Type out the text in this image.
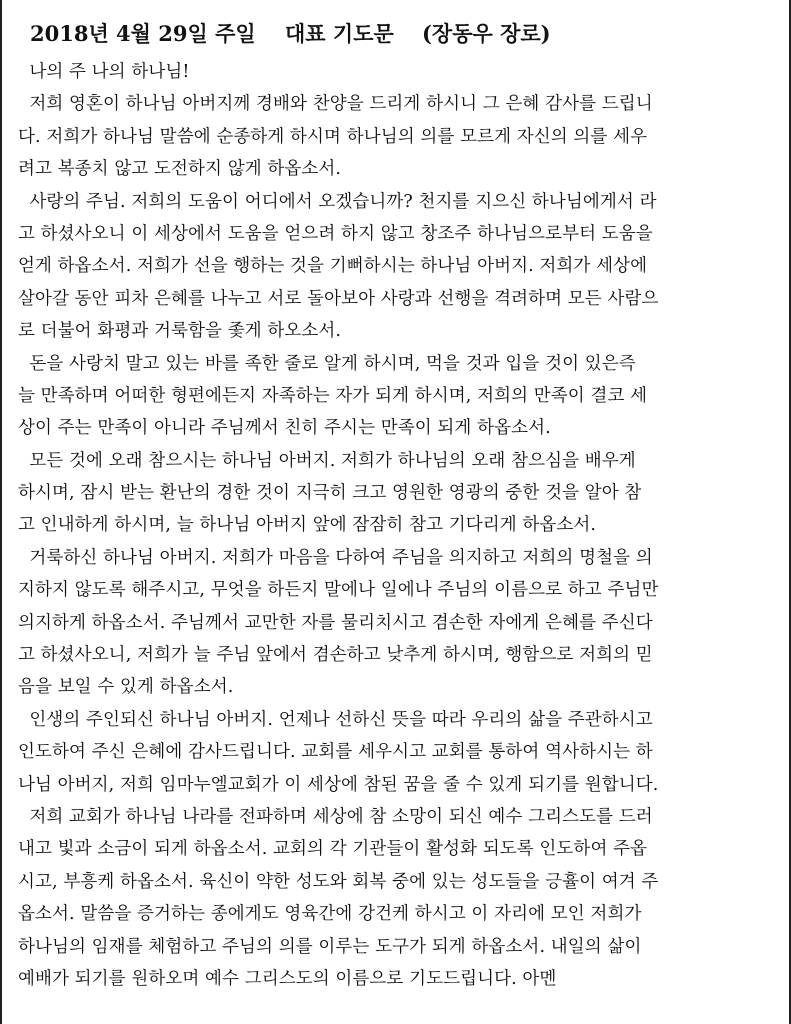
2018년 4월 29일 주일 대표 기도문 (장동우 장로)
나의 주 나의 하나님!
저희 영혼이 하나님 아버지께 경배와 찬양을 드리게 하시니 그 은혜 감사를 드립니
다. 저희가 하나님 말씀에 순종하게 하시며 하나님의 의를 모르게 자신의 의를 세우
려고 복종치 않고 도전하지 않게 하옵소서.
사랑의 주님. 저희의 도움이 어디에서 오겠습니까? 천지를 지으신 하나님에게서 라
고 하셨사오니 이 세상에서 도움을 얻으려 하지 않고 창조주 하나님으로부터 도움을
얻게 하옵소서. 저희가 선을 행하는 것을 기뻐하시는 하나님 아버지. 저희가 세상에
살아갈 동안 피차 은혜를 나누고 서로 돌아보아 사랑과 선행을 격려하며 모든 사람으
로 더불어 화평과 거룩함을 좇게 하오소서.
돈을 사랑치 말고 있는 바를 족한 줄로 알게 하시며, 먹을 것과 입을 것이 있은즉
늘 만족하며 어떠한 형편에든지 자족하는 자가 되게 하시며, 저희의 만족이 결코 세
상이 주는 만족이 아니라 주님께서 친히 주시는 만족이 되게 하옵소서.
모든 것에 오래 참으시는 하나님 아버지. 저희가 하나님의 오래 참으심을 배우게
하시며, 잠시 받는 환난의 경한 것이 지극히 크고 영원한 영광의 중한 것을 알아 참
고 인내하게 하시며, 늘 하나님 아버지 앞에 잠잠히 참고 기다리게 하옵소서.
거룩하신 하나님 아버지. 저희가 마음을 다하여 주님을 의지하고 저희의 명철을 의
지하지 않도록 해주시고, 무엇을 하든지 말에나 일에나 주님의 이름으로 하고 주님만
의지하게 하옵소서. 주님께서 교만한 자를 물리치시고 겸손한 자에게 은혜를 주신다
고 하셨사오니, 저희가 늘 주님 앞에서 겸손하고 낮추게 하시며, 행함으로 저희의 믿
음을 보일 수 있게 하옵소서.
인생의 주인되신 하나님 아버지. 언제나 선하신 뜻을 따라 우리의 삶을 주관하시고
인도하여 주신 은혜에 감사드립니다. 교회를 세우시고 교회를 통하여 역사하시는 하
나님 아버지, 저희 임마누엘교회가 이 세상에 참된 꿈을 줄 수 있게 되기를 원합니다.
저희 교회가 하나님 나라를 전파하며 세상에 참 소망이 되신 예수 그리스도를 드러
내고 빛과 소금이 되게 하옵소서. 교회의 각 기관들이 활성화 되도록 인도하여 주옵
시고, 부흥케 하옵소서. 육신이 약한 성도와 회복 중에 있는 성도들을 긍휼이 여겨 주
옵소서. 말씀을 증거하는 종에게도 영육간에 강건케 하시고 이 자리에 모인 저희가
하나님의 임재를 체험하고 주님의 의를 이루는 도구가 되게 하옵소서. 내일의 삶이
예배가 되기를 원하오며 예수 그리스도의 이름으로 기도드립니다. 아멘
